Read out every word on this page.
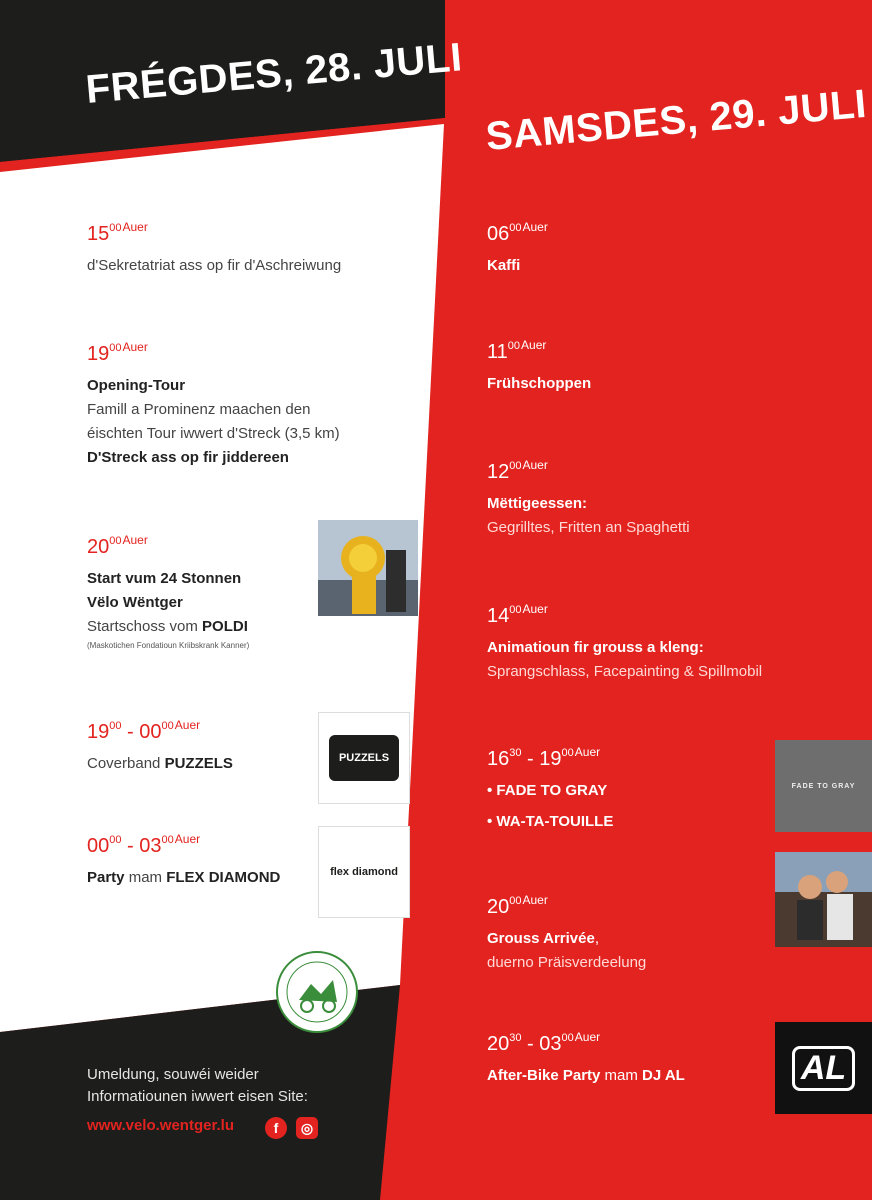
FRÉGDES, 28. JULI
SAMSDES, 29. JULI
$15^{00Auer}$
d'Sekretatriat ass op fir d'Aschreiwung
$19^{00Auer}$
Opening-Tour
Famill a Prominenz maachen den
éischten Tour iwwert d'Streck (3,5 km)
D'Streck ass op fir jiddereen
$20^{00Auer}$
Start vum 24 Stonnen
Vëlo Wëntger
Startschoss vom POLDI
(Maskotichen Fondatioun Kriibskrank Kanner)
$19^{00} - 00^{00Auer}$
Coverband PUZZELS	PUZZELS
$00^{00} - 03^{00Auer}$
Party mam FLEX DIAMOND	flex diamond
$06^{00Auer}$
Kaffi
$11^{00Auer}$
Frühschoppen
$12^{00Auer}$
Mëttigeessen:
Gegrilltes, Fritten an Spaghetti
$14^{00Auer}$
Animatioun fir grouss a kleng:
Sprangschlass, Facepainting & Spillmobil
$16^{30} - 19^{00Auer}$
• FADE TO GRAY
• WA-TA-TOUILLE
FADE TO GRAY
$20^{00Auer}$
Grouss Arrivée,
duerno Präisverdeelung
$20^{30} - 03^{00Auer}$
After-Bike Party mam DJ AL	AL
Umeldung, souwéi weider
Informatiounen iwwert eisen Site:
www.velo.wentger.lu	f	◎
